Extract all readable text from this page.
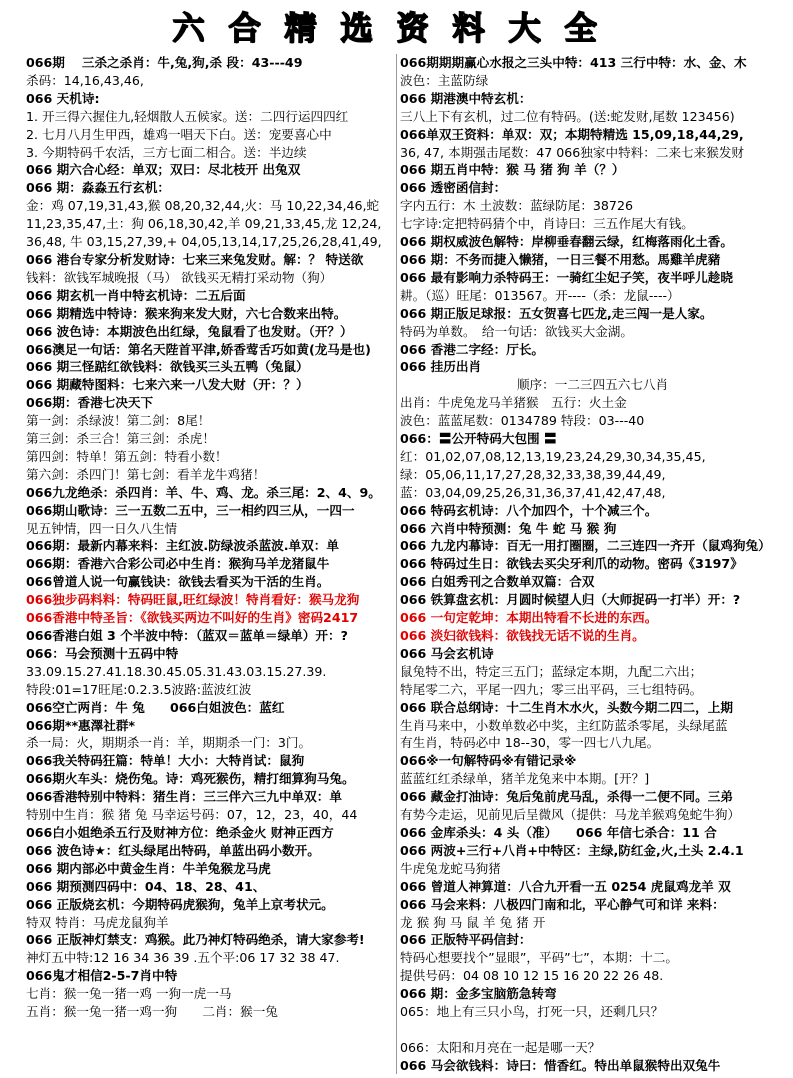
六合精选资料大全
066期　 三杀之杀肖：牛,兔,狗,杀 段：43---49
杀码：14,16,43,46,
066 天机诗:
1. 开三得六握住九,轻烟散人五候家。送：二四行运四四红
2. 七月八月生甲西，雄鸡一唱天下白。送：宠要喜心中
3. 今期特码千农活，三方七面二相合。送：半边续
066 期六合心经：单双；双曰：尽北枝开 出兔双
066 期：淼淼五行玄机：
金：鸡 07,19,31,43,猴 08,20,32,44,火：马 10,22,34,46,蛇
11,23,35,47,土：狗 06,18,30,42,羊 09,21,33,45,龙 12,24,
36,48, 牛 03,15,27,39,+ 04,05,13,14,17,25,26,28,41,49,
066 港台专家分析发财诗：七来三来兔发财。解：？ 特送欲
钱料：欲钱军城晚报（马） 欲钱买无精打采动物（狗）
066 期玄机一肖中特玄机诗：二五后面
066 期精选中特诗：猴来狗来发大财，六七合数来出特。
066 波色诗：本期波色出红绿，兔鼠看了也发财。（开？）
066澳足一句话：第名天陛首平津,娇香莺舌巧如黄(龙马是也)
066 期三怪踮红欲钱料：欲钱买三头五鸭（兔鼠）
066 期藏特图料：七来六来一八发大财（开：？）
066期：香港七决天下
第一剑：杀绿波！第二剑：8尾！
第三剑：杀三合！第三剑：杀虎！
第四剑：特单！第五剑：特看小数！
第六剑：杀四门！第七剑：看羊龙牛鸡猪！
066九龙绝杀：杀四肖：羊、牛、鸡、龙。杀三尾：2、4、9。
066期山歌诗：三一五数二五中，三一相约四三从，一四一
见五钟情，四一日久八生情
066期：最新内幕来料：主红波.防绿波杀蓝波.单双：单
066期：香港六合彩公司必中生肖：猴狗马羊龙猪鼠牛
066曾道人说一句赢钱诀：欲钱去看买为干活的生肖。
066独步码料料：特码旺鼠,旺红绿波！特肖看好：猴马龙狗
066香港中特圣旨：《欲钱买两边不叫好的生肖》密码2417
066香港白姐 3 个半波中特：（蓝双＝蓝单＝绿单）开：?
066：马会预测十五码中特
33.09.15.27.41.18.30.45.05.31.43.03.15.27.39.
特段:01=17旺尾:0.2.3.5波路:蓝波红波
066空亡两肖：牛 兔　　066白姐波色：蓝红
066期**惠澤社群*
杀一局：火，期期杀一肖：羊，期期杀一门：3门。
066我关特码狂篇：特单！大小：大特肖试：鼠狗
066期火车头：烧伤兔。诗：鸡死猴伤，精打细算狗马兔。
066香港特别中特料：猪生肖：三三伴六三九中单双：单
特别中生肖：猴 猪 兔 马幸运号码：07，12，23，40，44
066白小姐绝杀五行及财神方位：绝杀金火 财神正西方
066 波色诗★：红头绿尾出特码，单蓝出码小数开。
066 期内部必中黄金生肖：牛羊兔猴龙马虎
066 期预测四码中：04、18、28、41、
066 正版烧玄机：今期特码虎猴狗，兔羊上京考状元。
特双 特肖：马虎龙鼠狗羊
066 正版神灯禁支：鸡猴。此乃神灯特码绝杀，请大家参考!
神灯五中特:12 16 34 36 39 .五个平:06 17 32 38 47.
066鬼才相信2-5-7肖中特
七肖：猴一兔一猪一鸡 一狗一虎一马
五肖：猴一兔一猪一鸡一狗　　二肖：猴一兔
066期期期赢心水报之三头中特：413 三行中特：水、金、木
波色：主蓝防绿
066 期港澳中特玄机：
三八上下有玄机，过二位有特码。(送:蛇发财,尾数 123456)
066单双王资料：单双：双；本期特精选 15,09,18,44,29,
36, 47, 本期强击尾数：47 066独家中特料：二来七来猴发财
066 期五肖中特：猴 马 猪 狗 羊（？）
066 透密函信封：
字内五行：木 土波数：蓝绿防尾：38726
七字诗:定把特码猜个中，肖诗曰：三五作尾大有钱。
066 期权威波色解特：岸柳垂春翻云绿，红梅落雨化土香。
066 期：不务而捷入懒猪，一日三餐不用愁。馬雞羊虎豬
066 最有影响力杀特码王：一骑红尘妃子笑，夜半呼儿趁晓
耕。（巡）旺尾：013567。开----（杀：龙鼠----）
066 期正版足球报：五女贺喜七匹龙,走三闯一是人家。
特码为单数。　给一句话：欲钱买大金湖。
066 香港二字经：厅长。
066 挂历出肖
顺序：一二三四五六七八肖
出肖：牛虎兔龙马羊猪猴　五行：火土金
波色：蓝蓝尾数：0134789 特段：03---40
066：〓公开特码大包围 〓
红：01,02,07,08,12,13,19,23,24,29,30,34,35,45,
绿：05,06,11,17,27,28,32,33,38,39,44,49,
蓝：03,04,09,25,26,31,36,37,41,42,47,48,
066 特码玄机诗：八个加四个，十个减三个。
066 六肖中特预测：兔 牛 蛇 马 猴 狗
066 九龙内幕诗：百无一用打圈圈，二三连四一齐开（鼠鸡狗兔）
066 特码过生日：欲钱去买尖牙利爪的动物。密码《3197》
066 白姐秀刊之合数单双篇：合双
066 铁算盘玄机：月圆时候望人归（大师捉码一打半）开：?
066 一句定乾坤：本期出特看不长进的东西。
066 淡妇欲钱料：欲钱找无话不说的生肖。
066 马会玄机诗
鼠兔特不出，特定三五门；蓝绿定本期，九配二六出；
特尾零二六，平尾一四九；零三出平码，三七组特码。
066 联合总纲诗：十二生肖木水火，头数今期二四二，上期
生肖马来中，小数单数必中奖，主红防蓝杀零尾，头绿尾蓝
有生肖，特码必中 18--30，零一四七八九尾。
066※一句解特码※有错记录※
蓝蓝红红杀绿单，猪羊龙兔来中本期。[开？]
066 藏金打油诗：兔后兔前虎马乱，杀得一二便不同。三弟
有势今走运，见前见后呈微风（提供：马龙羊猴鸡兔蛇牛狗）
066 金库杀头：4 头（准）　　066 年信七杀合：11 合
066 两波+三行+八肖+中特区：主绿,防红金,火,土头 2.4.1
牛虎兔龙蛇马狗猪
066 曾道人神算道：八合九开看一五 0254 虎鼠鸡龙羊 双
066 马会来料：八极四门南和北，平心静气可和详 来料：
龙 猴 狗 马 鼠 羊 兔 猪 开
066 正版特平码信封：
特码心想要找个”显眼”，平码”七”，本期：十二。
提供号码：04 08 10 12 15 16 20 22 26 48.
066 期：金多宝脑筋急转弯
065：地上有三只小鸟，打死一只，还剩几只？
066：太阳和月亮在一起是哪一天？
066 马会欲钱料：诗曰：惜香红。特出单鼠猴特出双兔牛
